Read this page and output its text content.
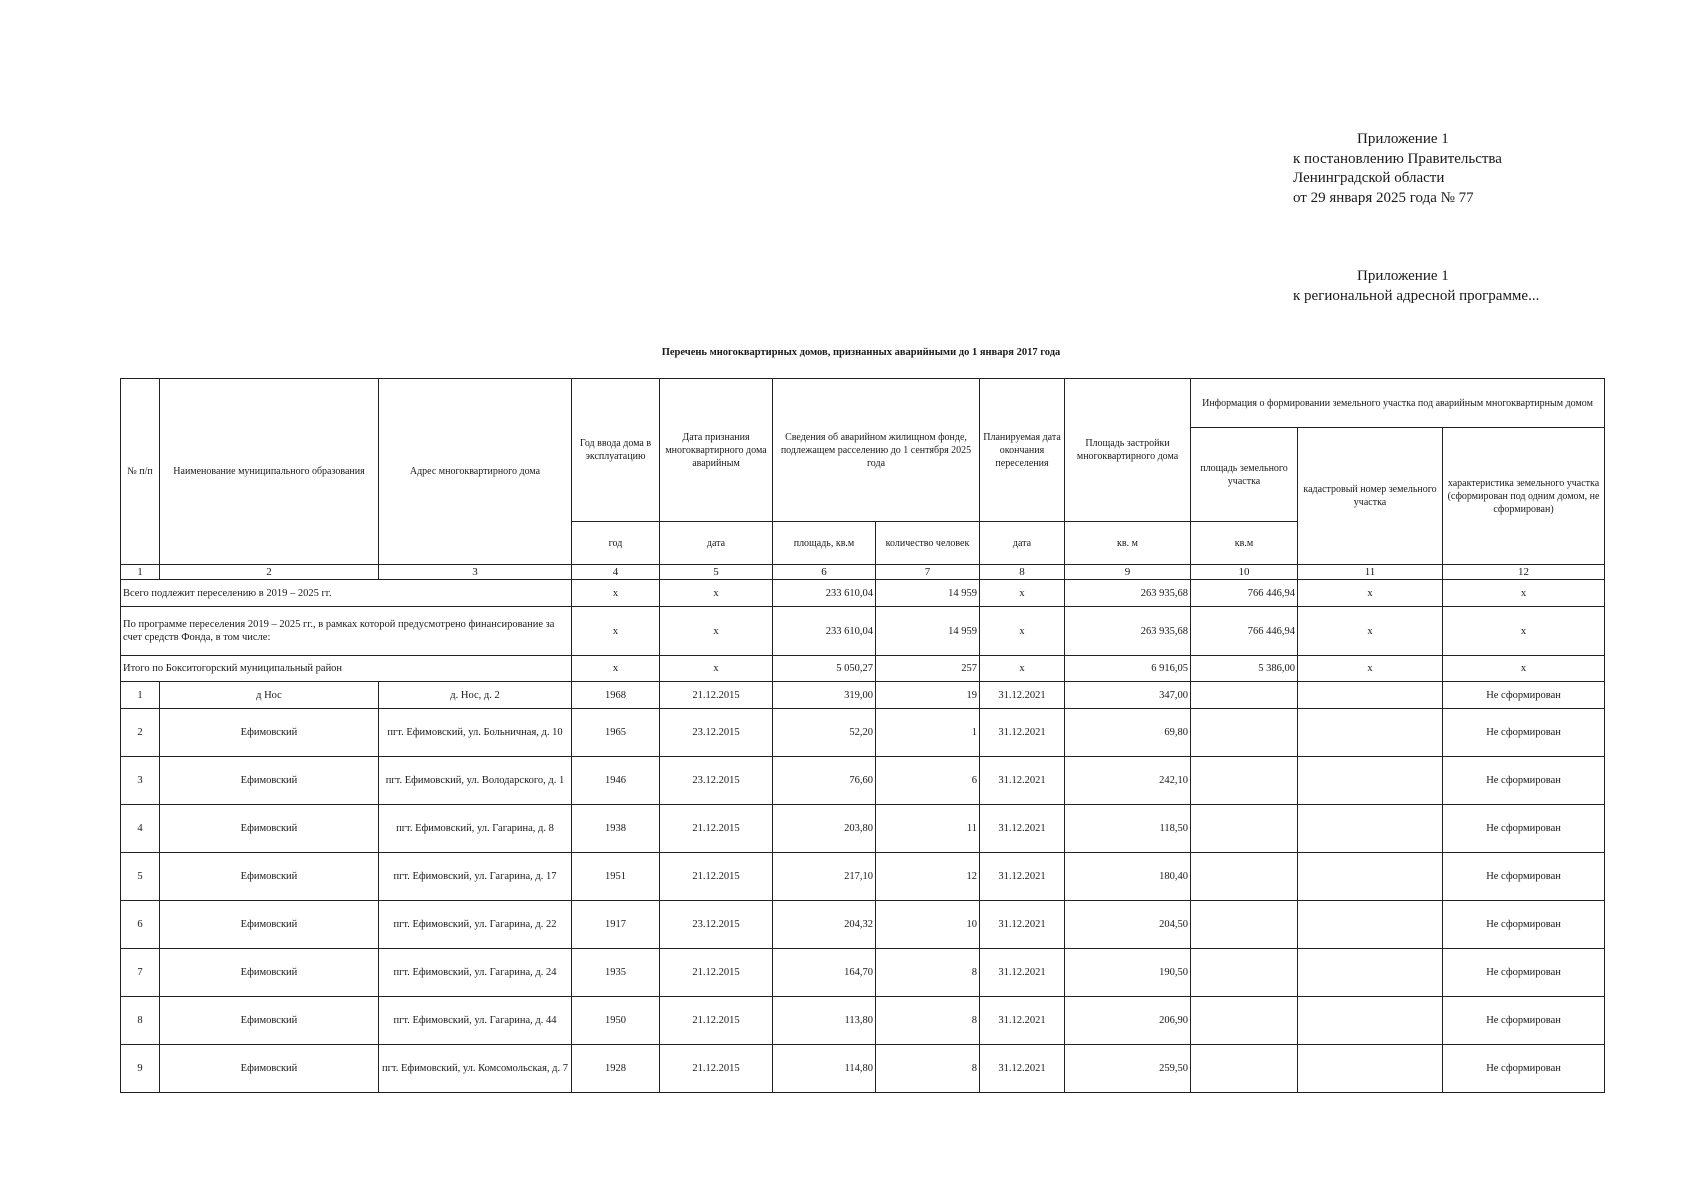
Приложение 1
к постановлению Правительства
Ленинградской области
от 29 января 2025 года № 77
Приложение 1
к региональной адресной программе...
Перечень многоквартирных домов, признанных аварийными до 1 января 2017 года
№ п/п	Наименование муниципального образования	Адрес многоквартирного дома	Год ввода дома в эксплуатацию	Дата признания многоквартирного дома аварийным	Сведения об аварийном жилищном фонде, подлежащем расселению до 1 сентября 2025 года		Планируемая дата окончания переселения	Площадь застройки многоквартирного дома	Информация о формировании земельного участка под аварийным многоквартирным домом		
									площадь земельного участка	кадастровый номер земельного участка	характеристика земельного участка (сформирован под одним домом, не сформирован)
			год	дата	площадь, кв.м	количество человек	дата	кв. м	кв.м		
1	2	3	4	5	6	7	8	9	10	11	12
Всего подлежит переселению в 2019 – 2025 гг.			х	х	233 610,04	14 959	х	263 935,68	766 446,94	х	х
По программе переселения 2019 – 2025 гг., в рамках которой предусмотрено финансирование за счет средств Фонда, в том числе:			х	х	233 610,04	14 959	х	263 935,68	766 446,94	х	х
Итого по Бокситогорский муниципальный район			х	х	5 050,27	257	х	6 916,05	5 386,00	х	х
1	д Нос	д. Нос, д. 2	1968	21.12.2015	319,00	19	31.12.2021	347,00			Не сформирован
2	Ефимовский	пгт. Ефимовский, ул. Больничная, д. 10	1965	23.12.2015	52,20	1	31.12.2021	69,80			Не сформирован
3	Ефимовский	пгт. Ефимовский, ул. Володарского, д. 1	1946	23.12.2015	76,60	6	31.12.2021	242,10			Не сформирован
4	Ефимовский	пгт. Ефимовский, ул. Гагарина, д. 8	1938	21.12.2015	203,80	11	31.12.2021	118,50			Не сформирован
5	Ефимовский	пгт. Ефимовский, ул. Гагарина, д. 17	1951	21.12.2015	217,10	12	31.12.2021	180,40			Не сформирован
6	Ефимовский	пгт. Ефимовский, ул. Гагарина, д. 22	1917	23.12.2015	204,32	10	31.12.2021	204,50			Не сформирован
7	Ефимовский	пгт. Ефимовский, ул. Гагарина, д. 24	1935	21.12.2015	164,70	8	31.12.2021	190,50			Не сформирован
8	Ефимовский	пгт. Ефимовский, ул. Гагарина, д. 44	1950	21.12.2015	113,80	8	31.12.2021	206,90			Не сформирован
9	Ефимовский	пгт. Ефимовский, ул. Комсомольская, д. 7	1928	21.12.2015	114,80	8	31.12.2021	259,50			Не сформирован
